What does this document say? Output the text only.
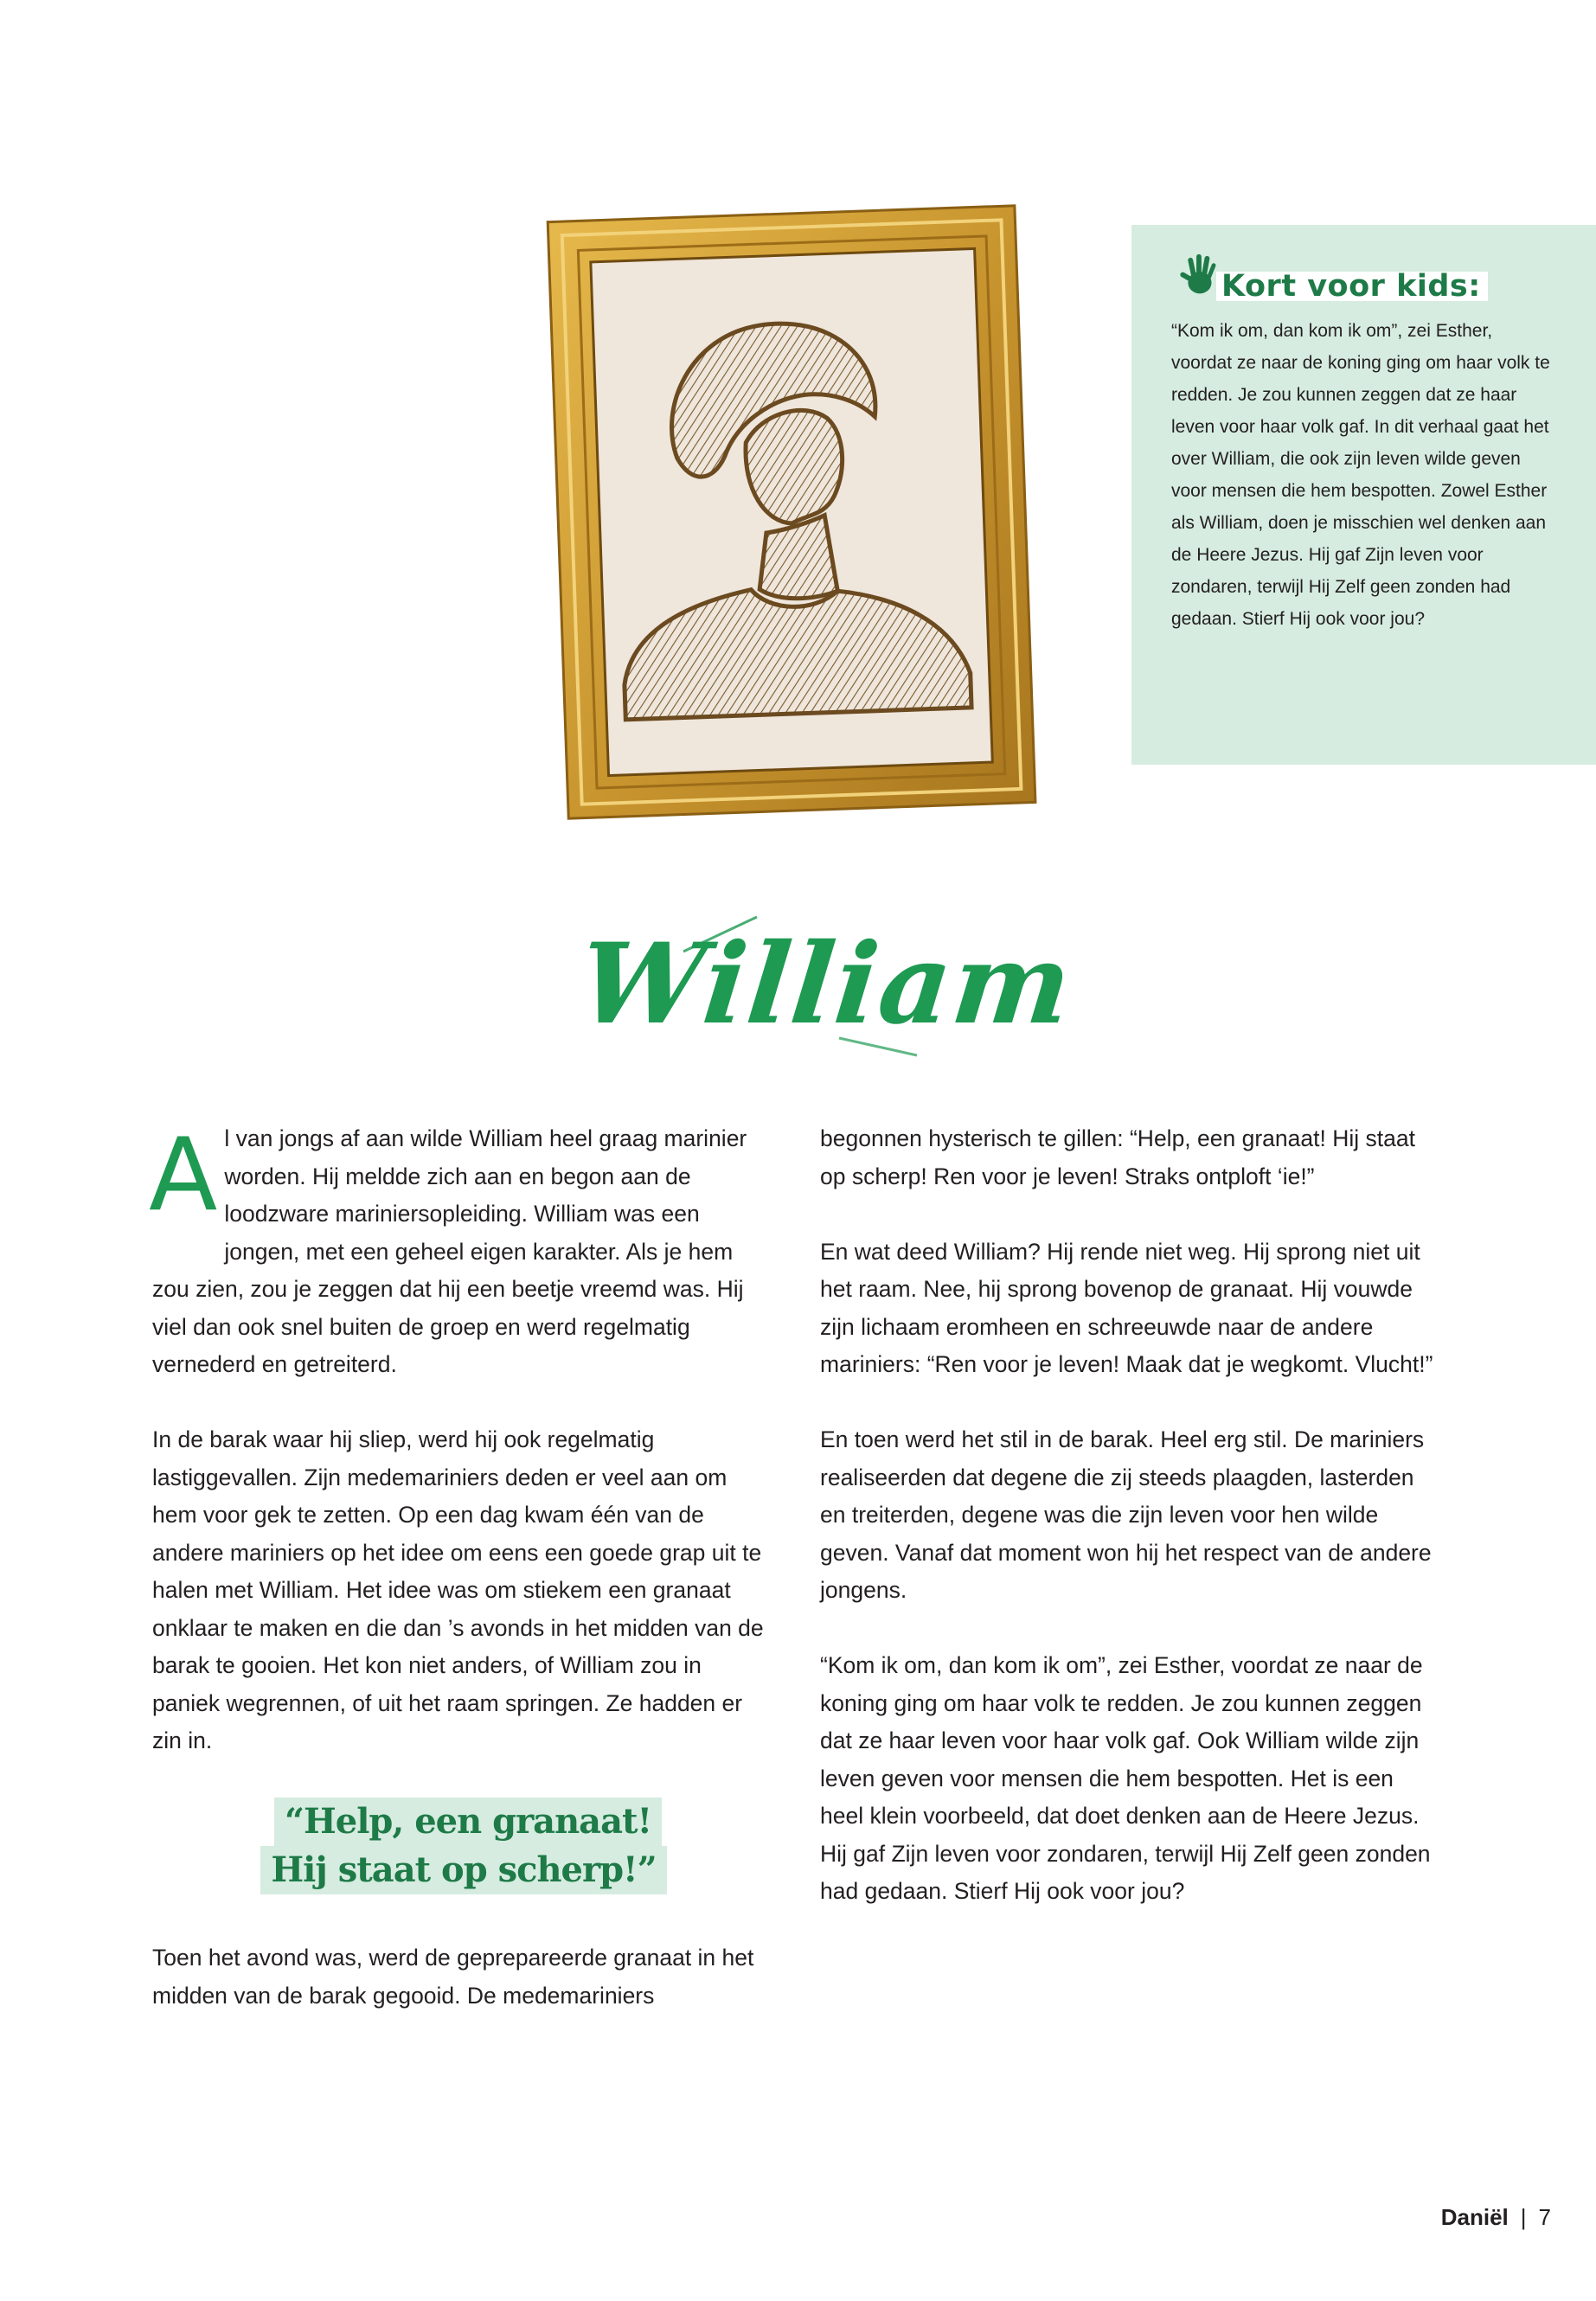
Kort voor kids:

“Kom ik om, dan kom ik om”, zei Esther, voordat ze naar de koning ging om haar volk te redden. Je zou kunnen zeggen dat ze haar leven voor haar volk gaf. In dit verhaal gaat het over William, die ook zijn leven wilde geven voor mensen die hem bespotten. Zowel Esther als William, doen je misschien wel denken aan de Heere Jezus. Hij gaf Zijn leven voor zondaren, terwijl Hij Zelf geen zonden had gedaan. Stierf Hij ook voor jou?

William

Al van jongs af aan wilde William heel graag marinier worden. Hij meldde zich aan en begon aan de loodzware mariniersopleiding. William was een jongen, met een geheel eigen karakter. Als je hem zou zien, zou je zeggen dat hij een beetje vreemd was. Hij viel dan ook snel buiten de groep en werd regelmatig vernederd en getreiterd.

In de barak waar hij sliep, werd hij ook regelmatig lastiggevallen. Zijn medemariniers deden er veel aan om hem voor gek te zetten. Op een dag kwam één van de andere mariniers op het idee om eens een goede grap uit te halen met William. Het idee was om stiekem een granaat onklaar te maken en die dan ’s avonds in het midden van de barak te gooien. Het kon niet anders, of William zou in paniek wegrennen, of uit het raam springen. Ze hadden er zin in.

“Help, een granaat!
Hij staat op scherp!”

Toen het avond was, werd de geprepareerde granaat in het midden van de barak gegooid. De medemariniers

begonnen hysterisch te gillen: “Help, een granaat! Hij staat op scherp! Ren voor je leven! Straks ontploft ‘ie!”

En wat deed William? Hij rende niet weg. Hij sprong niet uit het raam. Nee, hij sprong bovenop de granaat. Hij vouwde zijn lichaam eromheen en schreeuwde naar de andere mariniers: “Ren voor je leven! Maak dat je wegkomt. Vlucht!”

En toen werd het stil in de barak. Heel erg stil. De mariniers realiseerden dat degene die zij steeds plaagden, lasterden en treiterden, degene was die zijn leven voor hen wilde geven. Vanaf dat moment won hij het respect van de andere jongens.

“Kom ik om, dan kom ik om”, zei Esther, voordat ze naar de koning ging om haar volk te redden. Je zou kunnen zeggen dat ze haar leven voor haar volk gaf. Ook William wilde zijn leven geven voor mensen die hem bespotten. Het is een heel klein voorbeeld, dat doet denken aan de Heere Jezus. Hij gaf Zijn leven voor zondaren, terwijl Hij Zelf geen zonden had gedaan. Stierf Hij ook voor jou?

Daniël | 7
